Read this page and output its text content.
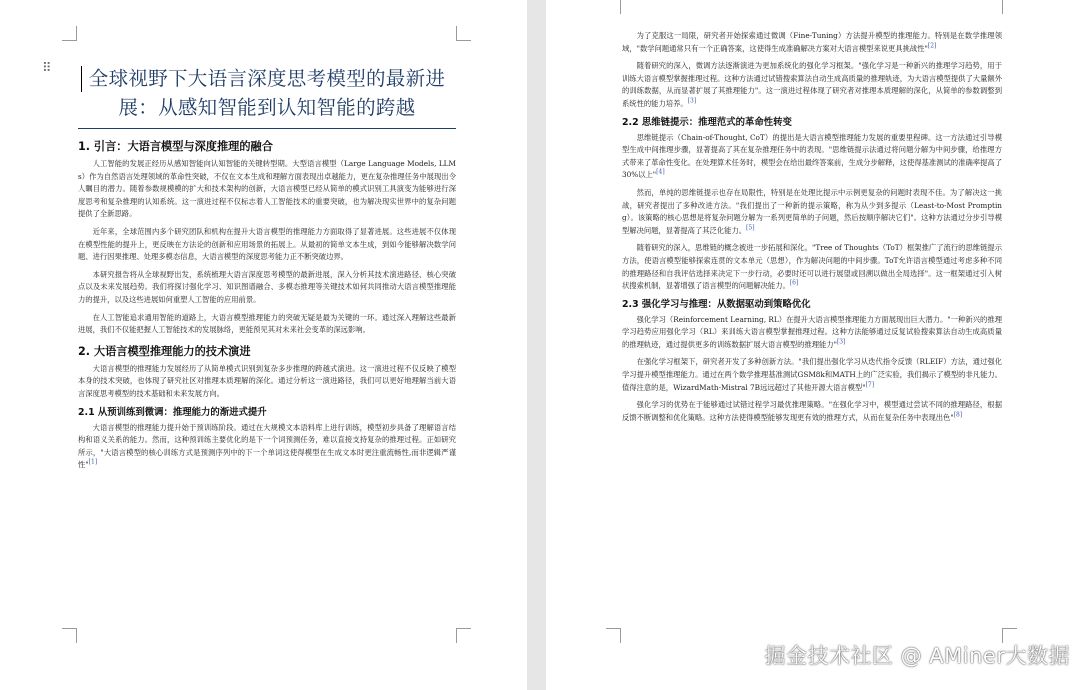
⠿	全球视野下大语言深度思考模型的最新进展：从感知智能到认知智能的跨越
1. 引言：大语言模型与深度推理的融合
人工智能的发展正经历从感知智能向认知智能的关键转型期。大型语言模型（Large Language Models, LLMs）作为自然语言处理领域的革命性突破，不仅在文本生成和理解方面表现出卓越能力，更在复杂推理任务中展现出令人瞩目的潜力。随着参数规模模的扩大和技术架构的创新，大语言模型已经从简单的模式识别工具演变为能够进行深度思考和复杂推理的认知系统。这一演进过程不仅标志着人工智能技术的重要突破，也为解决现实世界中的复杂问题提供了全新思路。
近年来，全球范围内多个研究团队和机构在提升大语言模型的推理能力方面取得了显著进展。这些进展不仅体现在模型性能的提升上，更反映在方法论的创新和应用场景的拓展上。从最初的简单文本生成，到如今能够解决数学问题、进行因果推理、处理多模态信息，大语言模型的深度思考能力正不断突破边界。
本研究报告将从全球视野出发，系统梳理大语言深度思考模型的最新进展，深入分析其技术演进路径、核心突破点以及未来发展趋势。我们将探讨强化学习、知识图谱融合、多模态推理等关键技术如何共同推动大语言模型推理能力的提升，以及这些进展如何重塑人工智能的应用前景。
在人工智能追求通用智能的道路上，大语言模型推理能力的突破无疑是最为关键的一环。通过深入理解这些最新进展，我们不仅能把握人工智能技术的发展脉络，更能预见其对未来社会变革的深远影响。
2. 大语言模型推理能力的技术演进
大语言模型的推理能力发展经历了从简单模式识别到复杂多步推理的跨越式演进。这一演进过程不仅反映了模型本身的技术突破，也体现了研究社区对推理本质理解的深化。通过分析这一演进路径，我们可以更好地理解当前大语言深度思考模型的技术基础和未来发展方向。
2.1 从预训练到微调：推理能力的渐进式提升
大语言模型的推理能力提升始于预训练阶段。通过在大规模文本语料库上进行训练，模型初步具备了理解语言结构和语义关系的能力。然而，这种预训练主要优化的是下一个词预测任务，难以直接支持复杂的推理过程。正如研究所示，"大语言模型的核心训练方式是预测序列中的下一个单词这使得模型在生成文本时更注重流畅性,而非逻辑严谨性"[1]
为了克服这一局限，研究者开始探索通过微调（Fine-Tuning）方法提升模型的推理能力。特别是在数学推理领域，"数学问题通常只有一个正确答案，这使得生成准确解决方案对大语言模型来说更具挑战性"[2]
随着研究的深入，微调方法逐渐演进为更加系统化的强化学习框架。"强化学习是一种新兴的推理学习趋势，用于训练大语言模型掌握推理过程。这种方法通过试错搜索算法自动生成高质量的推理轨迹，为大语言模型提供了大量额外的训练数据，从而显著扩展了其推理能力"。这一演进过程体现了研究者对推理本质理解的深化，从简单的参数调整到系统性的能力培养。[3]
2.2 思维链提示：推理范式的革命性转变
思维链提示（Chain-of-Thought, CoT）的提出是大语言模型推理能力发展的重要里程碑。这一方法通过引导模型生成中间推理步骤，显著提高了其在复杂推理任务中的表现。"思维链提示法通过将问题分解为中间步骤，给推理方式带来了革命性变化。在处理算术任务时，模型会在给出最终答案前，生成分步解释，这使得基准测试的准确率提高了30%以上"[4]
然而，单纯的思维链提示也存在局限性，特别是在处理比提示中示例更复杂的问题时表现不佳。为了解决这一挑战，研究者提出了多种改进方法。"我们提出了一种新的提示策略，称为从少到多提示（Least-to-Most Prompting）。该策略的核心思想是将复杂问题分解为一系列更简单的子问题，然后按顺序解决它们"。这种方法通过分步引导模型解决问题，显著提高了其泛化能力。[5]
随着研究的深入，思维链的概念被进一步拓展和深化。"Tree of Thoughts（ToT）框架推广了流行的思维链提示方法，使语言模型能够探索连贯的文本单元（思想），作为解决问题的中间步骤。ToT允许语言模型通过考虑多种不同的推理路径和自我评估选择来决定下一步行动，必要时还可以进行展望或回溯以做出全局选择"。这一框架通过引入树状搜索机制，显著增强了语言模型的问题解决能力。[6]
2.3 强化学习与推理：从数据驱动到策略优化
强化学习（Reinforcement Learning, RL）在提升大语言模型推理能力方面展现出巨大潜力。"一种新兴的推理学习趋势应用强化学习（RL）来训练大语言模型掌握推理过程。这种方法能够通过反复试验搜索算法自动生成高质量的推理轨迹，通过提供更多的训练数据扩展大语言模型的推理能力"[3]
在强化学习框架下，研究者开发了多种创新方法。"我们提出强化学习从迭代指令反馈（RLEIF）方法，通过强化学习提升模型推理能力。通过在两个数学推理基准测试GSM8k和MATH上的广泛实验，我们揭示了模型的非凡能力。值得注意的是，WizardMath-Mistral 7B远远超过了其他开源大语言模型"[7]
强化学习的优势在于能够通过试错过程学习最优推理策略。"在强化学习中，模型通过尝试不同的推理路径，根据反馈不断调整和优化策略。这种方法使得模型能够发现更有效的推理方式，从而在复杂任务中表现出色"[8]
掘金技术社区 @ AMiner大数据
